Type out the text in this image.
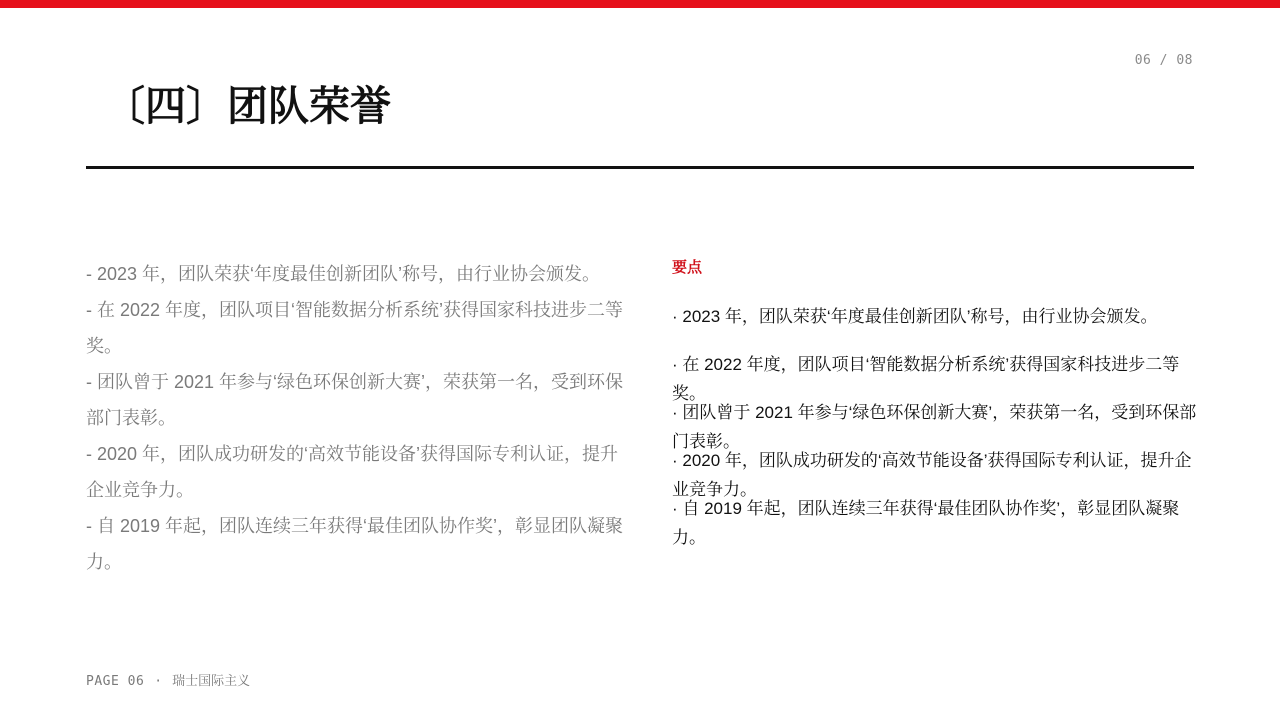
06 / 08
〔四〕团队荣誉
- 2023 年，团队荣获‘年度最佳创新团队’称号，由行业协会颁发。
- 在 2022 年度，团队项目‘智能数据分析系统’获得国家科技进步二等奖。
- 团队曾于 2021 年参与‘绿色环保创新大赛’，荣获第一名，受到环保部门表彰。
- 2020 年，团队成功研发的‘高效节能设备’获得国际专利认证，提升企业竞争力。
- 自 2019 年起，团队连续三年获得‘最佳团队协作奖’，彰显团队凝聚力。
要点
· 2023 年，团队荣获‘年度最佳创新团队’称号，由行业协会颁发。
· 在 2022 年度，团队项目‘智能数据分析系统’获得国家科技进步二等奖。
· 团队曾于 2021 年参与‘绿色环保创新大赛’，荣获第一名，受到环保部门表彰。
· 2020 年，团队成功研发的‘高效节能设备’获得国际专利认证，提升企业竞争力。
· 自 2019 年起，团队连续三年获得‘最佳团队协作奖’，彰显团队凝聚力。
PAGE 06 · 瑞士国际主义
